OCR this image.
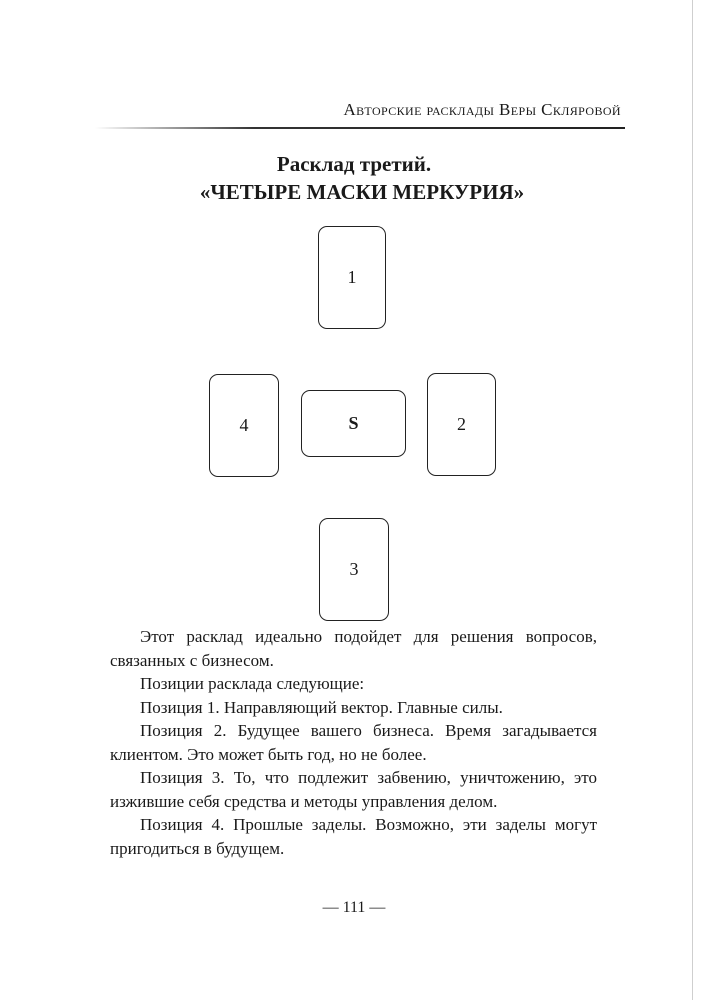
Авторские расклады Веры Скляровой
Расклад третий.
«ЧЕТЫРЕ МАСКИ МЕРКУРИЯ»
1
4	S	2
3

Этот расклад идеально подойдет для решения вопросов, связанных с бизнесом.

Позиции расклада следующие:

Позиция 1. Направляющий вектор. Главные силы.

Позиция 2. Будущее вашего бизнеса. Время загадывается клиентом. Это может быть год, но не более.

Позиция 3. То, что подлежит забвению, уничтожению, это изжившие себя средства и методы управления делом.

Позиция 4. Прошлые заделы. Возможно, эти заделы могут пригодиться в будущем.

— 111 —
